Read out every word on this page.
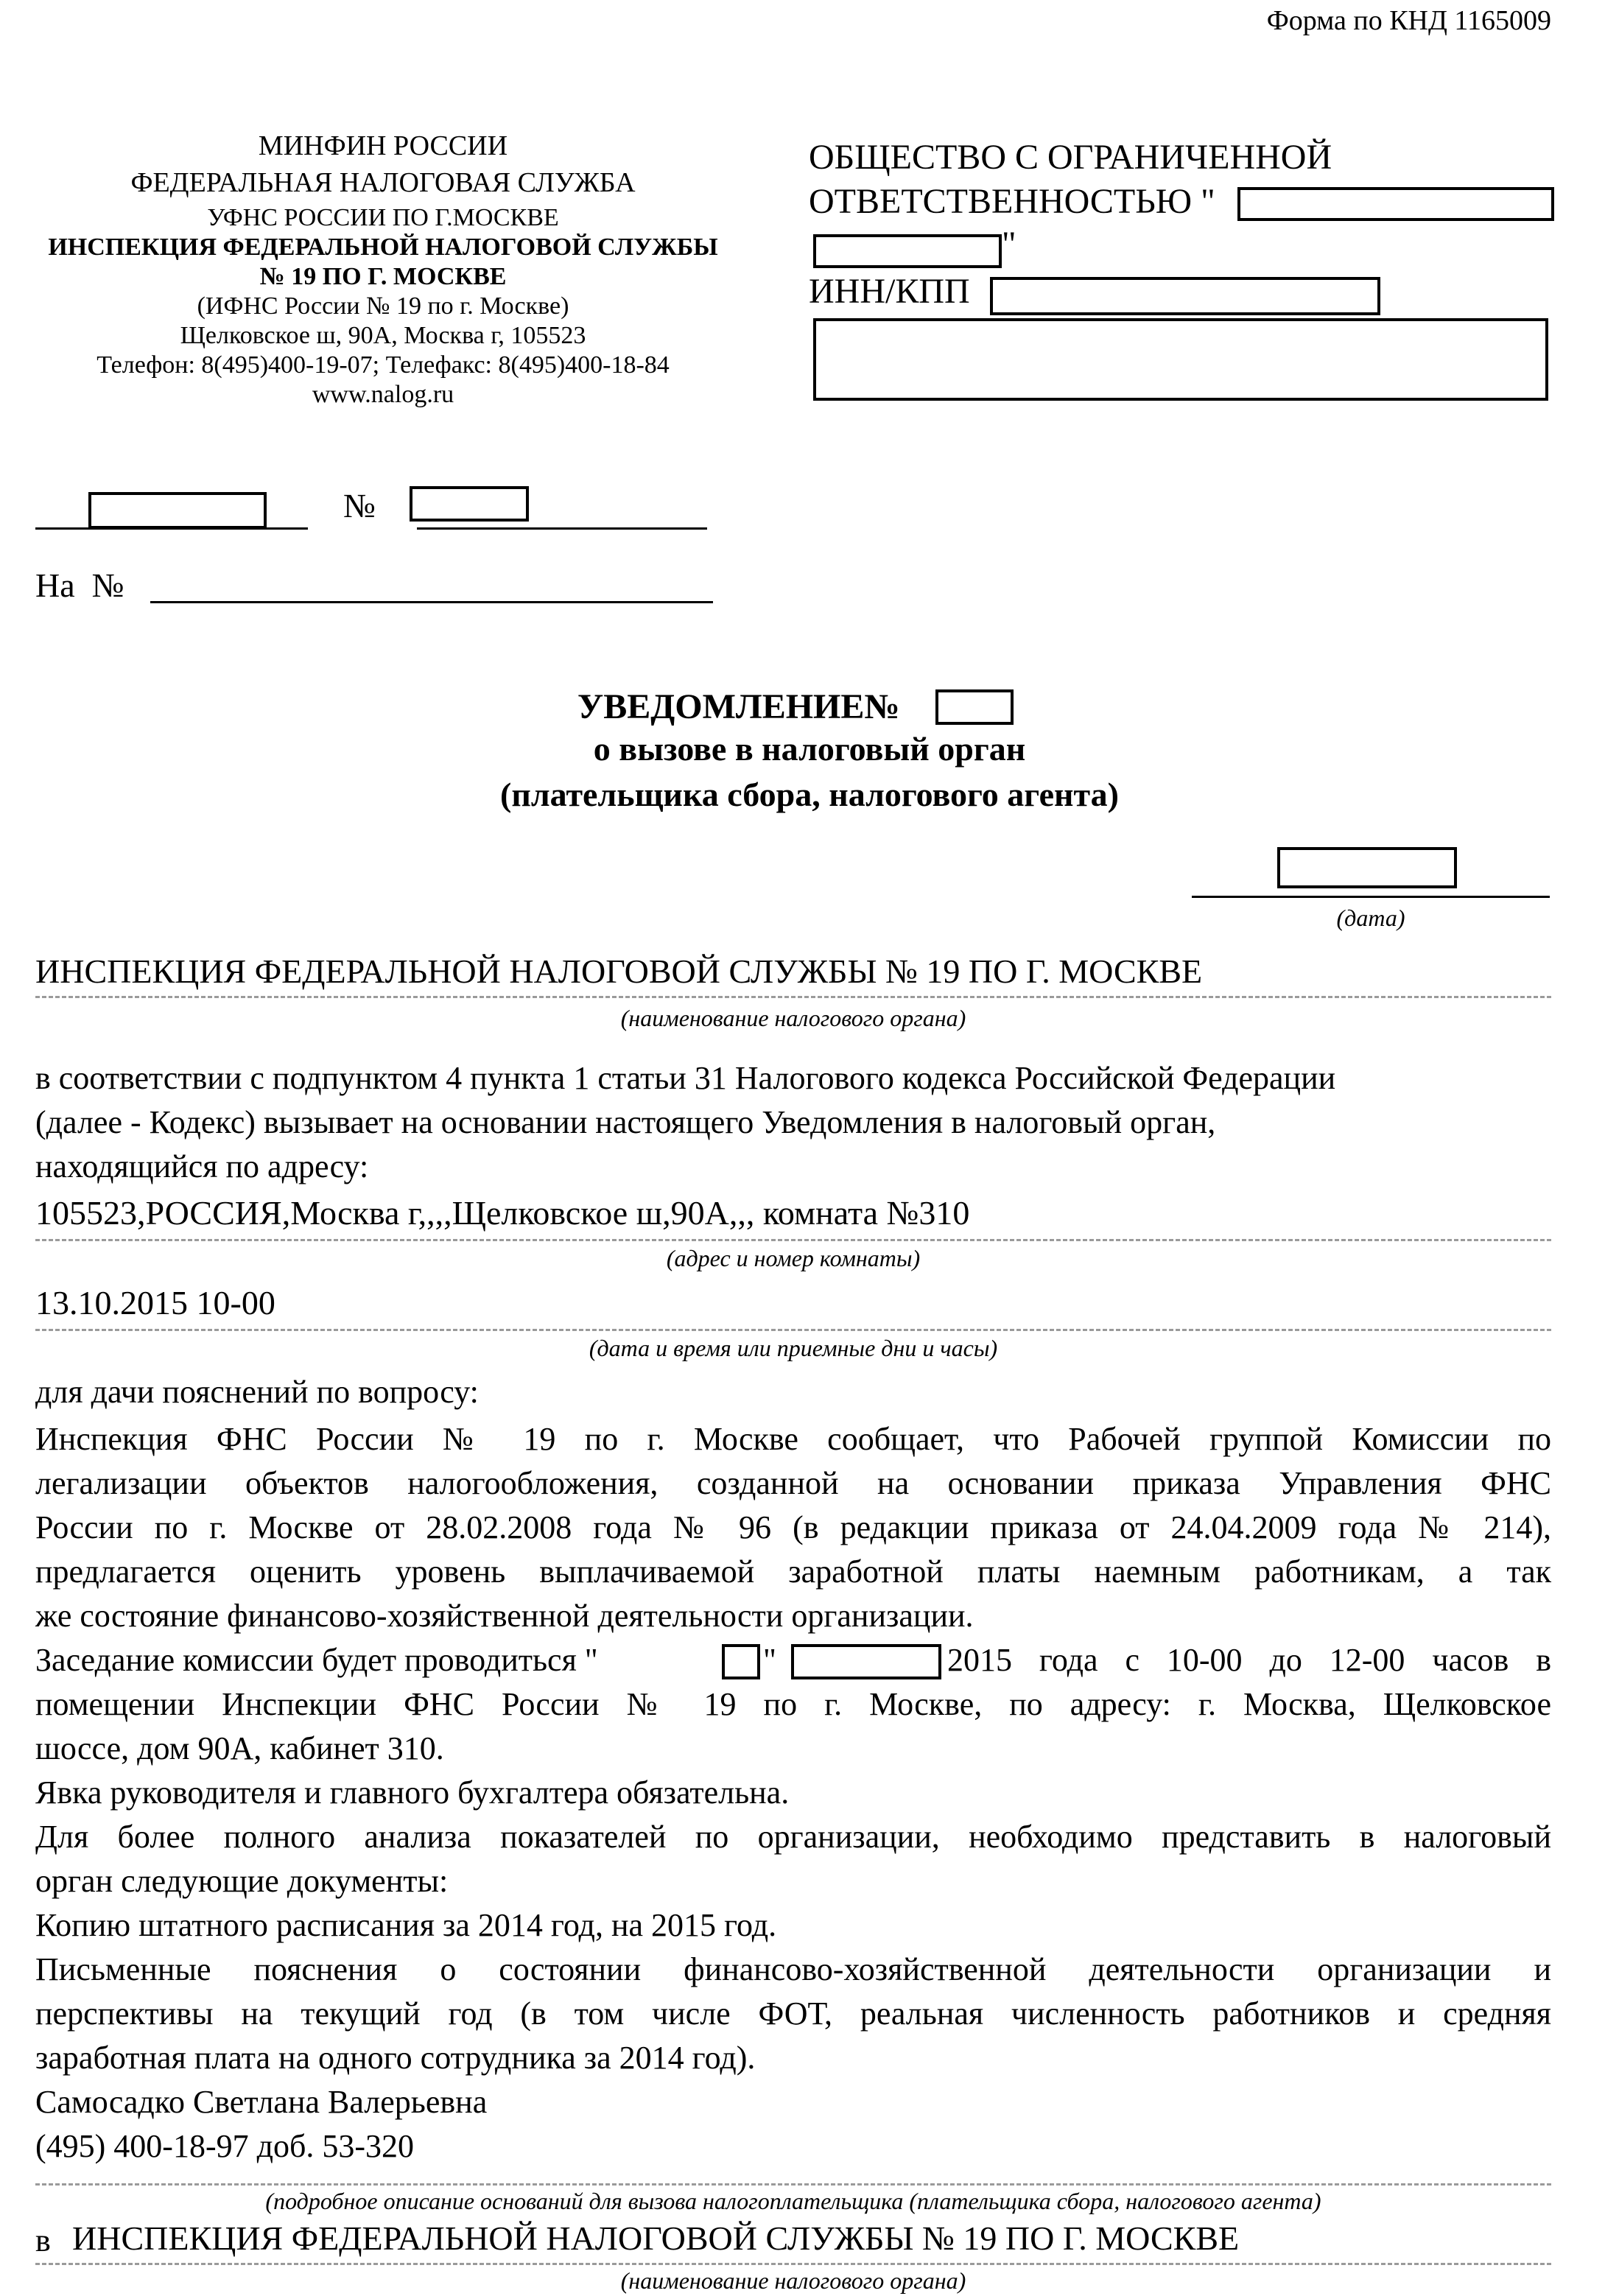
Форма по КНД 1165009
МИНФИН РОССИИ
ФЕДЕРАЛЬНАЯ НАЛОГОВАЯ СЛУЖБА
УФНС РОССИИ ПО Г.МОСКВЕ
ИНСПЕКЦИЯ ФЕДЕРАЛЬНОЙ НАЛОГОВОЙ СЛУЖБЫ
№ 19 ПО Г. МОСКВЕ
(ИФНС России № 19 по г. Москве)
Щелковское ш, 90А, Москва г, 105523
Телефон: 8(495)400-19-07; Телефакс: 8(495)400-18-84
www.nalog.ru
ОБЩЕСТВО С ОГРАНИЧЕННОЙ
ОТВЕТСТВЕННОСТЬЮ "
"
ИНН/КПП
№
На  №
УВЕДОМЛЕНИЕ№
о вызове в налоговый орган
(плательщика сбора, налогового агента)
(дата)
ИНСПЕКЦИЯ ФЕДЕРАЛЬНОЙ НАЛОГОВОЙ СЛУЖБЫ № 19 ПО Г. МОСКВЕ
(наименование налогового органа)
в соответствии с подпунктом 4 пункта 1 статьи 31 Налогового кодекса Российской Федерации
(далее - Кодекс) вызывает на основании настоящего Уведомления в налоговый орган,
находящийся по адресу:
105523,РОССИЯ,Москва г,,,,Щелковское ш,90А,,, комната №310
(адрес и номер комнаты)
13.10.2015 10-00
(дата и время или приемные дни и часы)
для дачи пояснений по вопросу:
Инспекция ФНС России № 19 по г. Москве сообщает, что Рабочей группой Комиссии по
легализации объектов налогообложения, созданной на основании приказа Управления ФНС
России по г. Москве от 28.02.2008 года № 96 (в редакции приказа от 24.04.2009 года № 214),
предлагается оценить уровень выплачиваемой заработной платы наемным работникам, а так
же состояние финансово-хозяйственной деятельности организации.
Заседание комиссии будет проводиться "	"	2015 года с 10-00 до 12-00 часов в
помещении Инспекции ФНС России № 19 по г. Москве, по адресу: г. Москва, Щелковское
шоссе, дом 90А, кабинет 310.
Явка руководителя и главного бухгалтера обязательна.
Для более полного анализа показателей по организации, необходимо представить в налоговый
орган следующие документы:
Копию штатного расписания за 2014 год, на 2015 год.
Письменные пояснения о состоянии финансово-хозяйственной деятельности организации и
перспективы на текущий год (в том числе ФОТ, реальная численность работников и средняя
заработная плата на одного сотрудника за 2014 год).
Самосадко Светлана Валерьевна
(495) 400-18-97 доб. 53-320
(подробное описание оснований для вызова налогоплательщика (плательщика сбора, налогового агента)
в ИНСПЕКЦИЯ ФЕДЕРАЛЬНОЙ НАЛОГОВОЙ СЛУЖБЫ № 19 ПО Г. МОСКВЕ
(наименование налогового органа)
